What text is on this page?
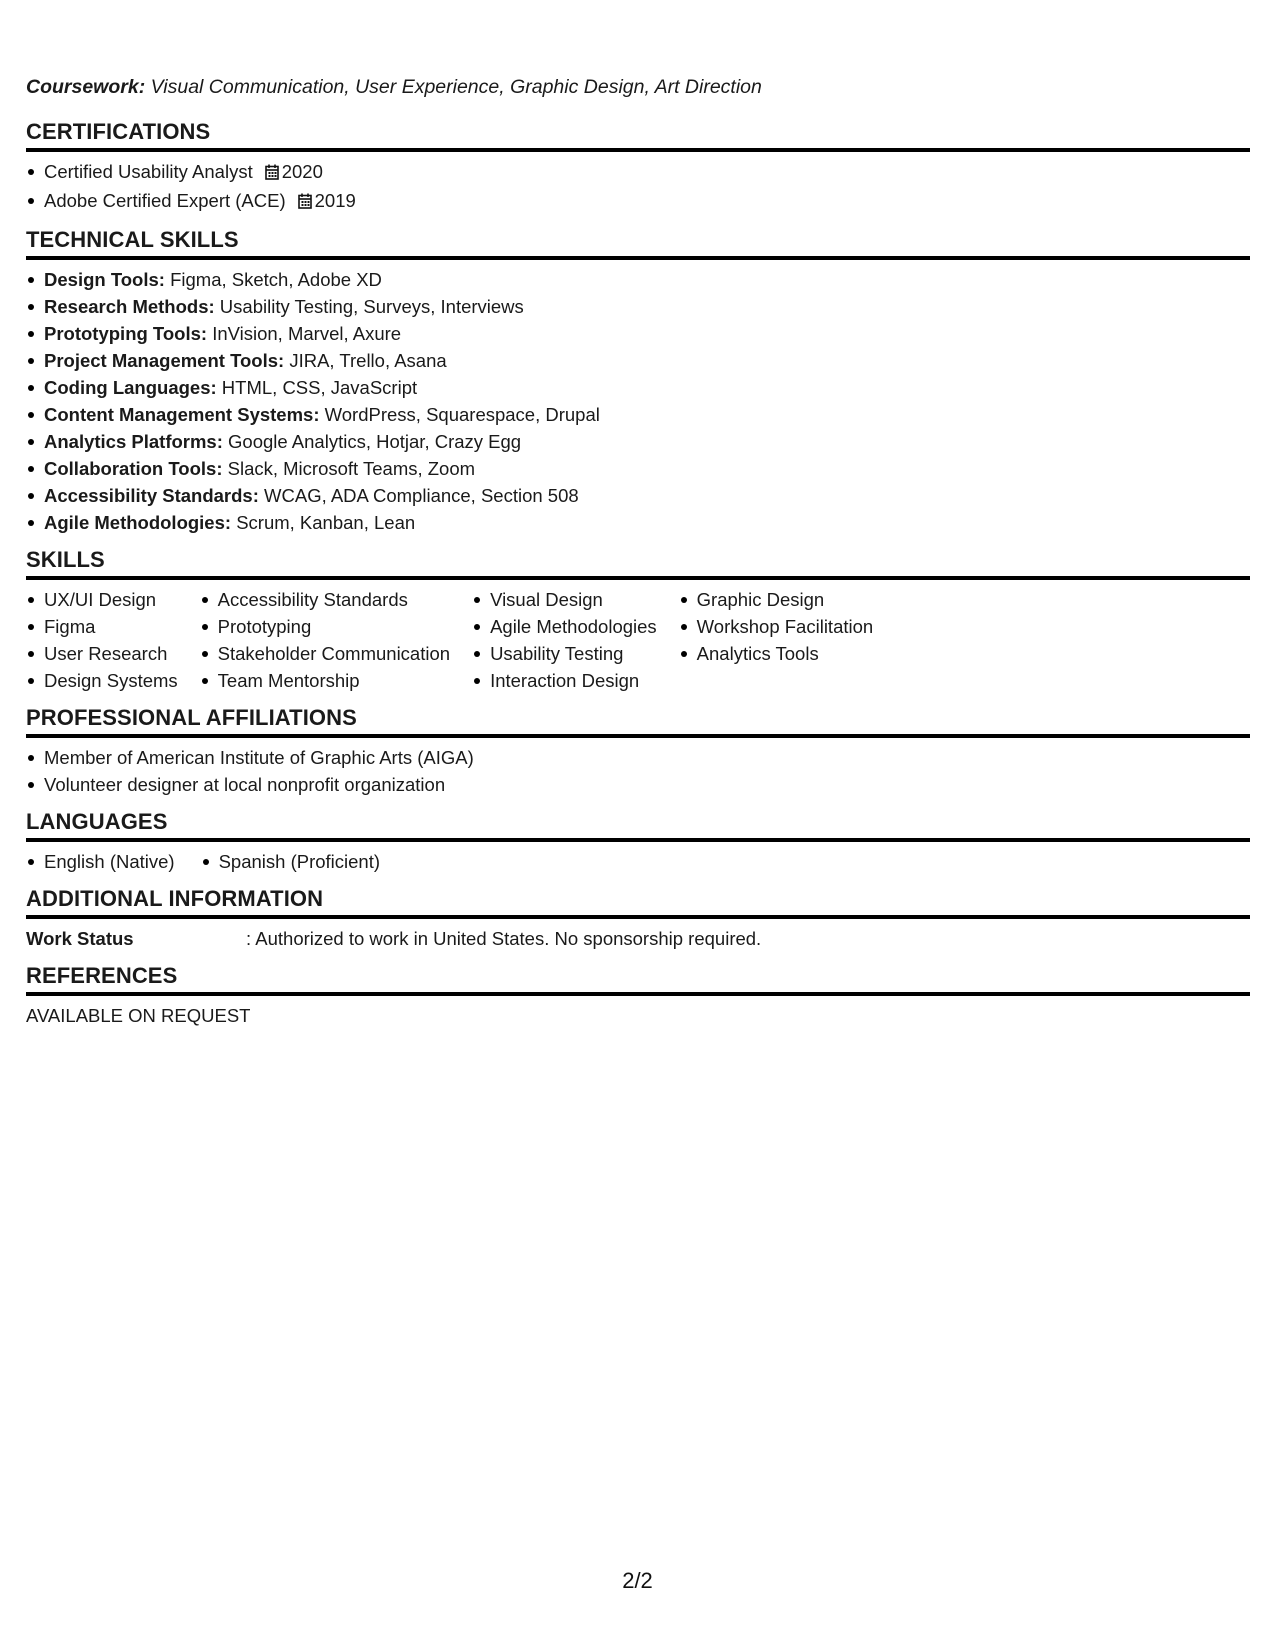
Coursework: Visual Communication, User Experience, Graphic Design, Art Direction

CERTIFICATIONS
Certified Usability Analyst 2020
Adobe Certified Expert (ACE) 2019
TECHNICAL SKILLS
Design Tools: Figma, Sketch, Adobe XD
Research Methods: Usability Testing, Surveys, Interviews
Prototyping Tools: InVision, Marvel, Axure
Project Management Tools: JIRA, Trello, Asana
Coding Languages: HTML, CSS, JavaScript
Content Management Systems: WordPress, Squarespace, Drupal
Analytics Platforms: Google Analytics, Hotjar, Crazy Egg
Collaboration Tools: Slack, Microsoft Teams, Zoom
Accessibility Standards: WCAG, ADA Compliance, Section 508
Agile Methodologies: Scrum, Kanban, Lean
SKILLS
UX/UI Design
Figma
User Research
Design Systems
Accessibility Standards
Prototyping
Stakeholder Communication
Team Mentorship
Visual Design
Agile Methodologies
Usability Testing
Interaction Design
Graphic Design
Workshop Facilitation
Analytics Tools
PROFESSIONAL AFFILIATIONS
Member of American Institute of Graphic Arts (AIGA)
Volunteer designer at local nonprofit organization
LANGUAGES
English (Native)	Spanish (Proficient)
ADDITIONAL INFORMATION
Work Status	: Authorized to work in United States. No sponsorship required.
REFERENCES
AVAILABLE ON REQUEST
2/2
